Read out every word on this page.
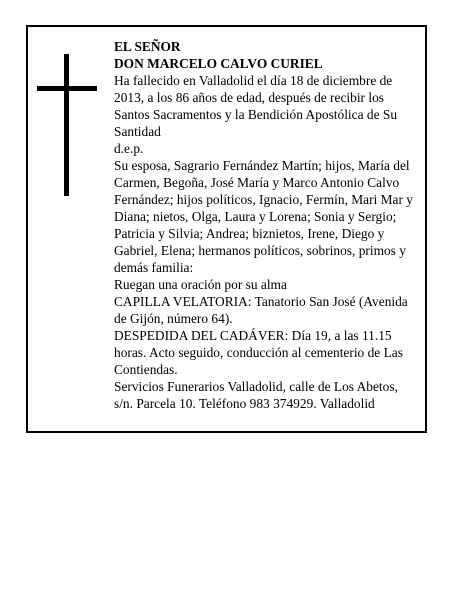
EL SEÑOR

DON MARCELO CALVO CURIEL

Ha fallecido en Valladolid el día 18 de diciembre de 2013, a los 86 años de edad, después de recibir los Santos Sacramentos y la Bendición Apostólica de Su Santidad

d.e.p.

Su esposa, Sagrario Fernández Martín; hijos, María del Carmen, Begoña, José María y Marco Antonio Calvo Fernández; hijos políticos, Ignacio, Fermín, Mari Mar y Diana; nietos, Olga, Laura y Lorena; Sonia y Sergio; Patricia y Silvia; Andrea; biznietos, Irene, Diego y Gabriel, Elena; hermanos políticos, sobrinos, primos y demás familia:

Ruegan una oración por su alma

CAPILLA VELATORIA: Tanatorio San José (Avenida de Gijón, número 64).

DESPEDIDA DEL CADÁVER: Día 19, a las 11.15 horas. Acto seguido, conducción al cementerio de Las Contiendas.

Servicios Funerarios Valladolid, calle de Los Abetos, s/n. Parcela 10. Teléfono 983 374929. Valladolid
